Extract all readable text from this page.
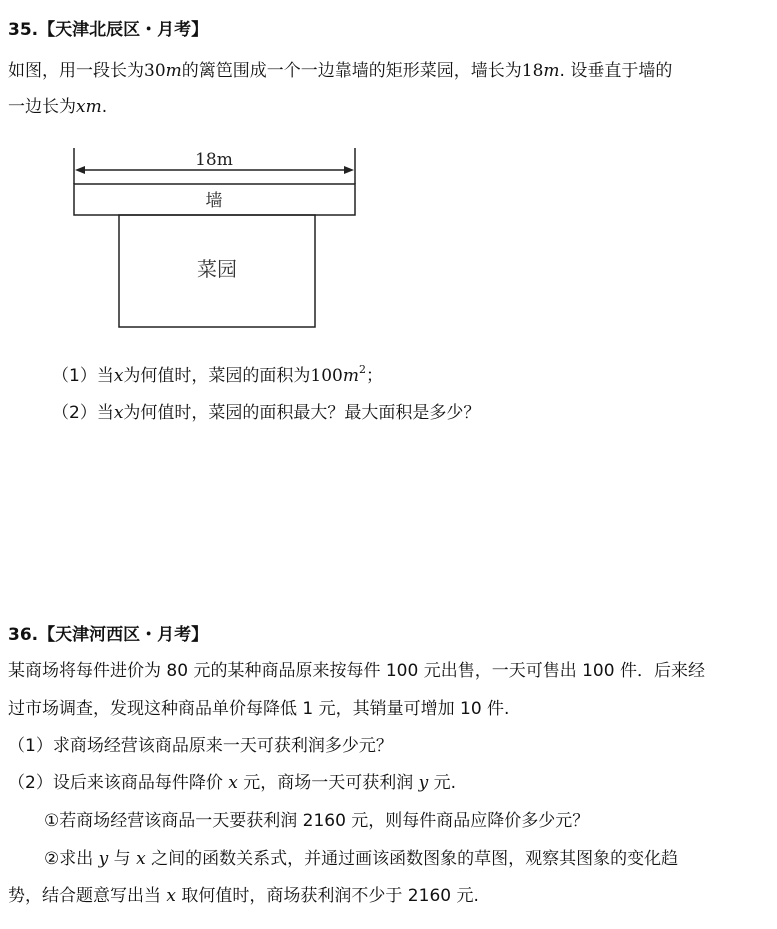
35.【天津北辰区・月考】
如图，用一段长为30m的篱笆围成一个一边靠墙的矩形菜园，墙长为18m. 设垂直于墙的
一边长为xm.
18m
墙
菜园
（1）当x为何值时，菜园的面积为$100m^2$；
（2）当x为何值时，菜园的面积最大？最大面积是多少？
36.【天津河西区・月考】
某商场将每件进价为 80 元的某种商品原来按每件 100 元出售，一天可售出 100 件．后来经
过市场调查，发现这种商品单价每降低 1 元，其销量可增加 10 件.
（1）求商场经营该商品原来一天可获利润多少元？
（2）设后来该商品每件降价 x 元，商场一天可获利润 y 元.
①若商场经营该商品一天要获利润 2160 元，则每件商品应降价多少元？
②求出 y 与 x 之间的函数关系式，并通过画该函数图象的草图，观察其图象的变化趋
势，结合题意写出当 x 取何值时，商场获利润不少于 2160 元.
